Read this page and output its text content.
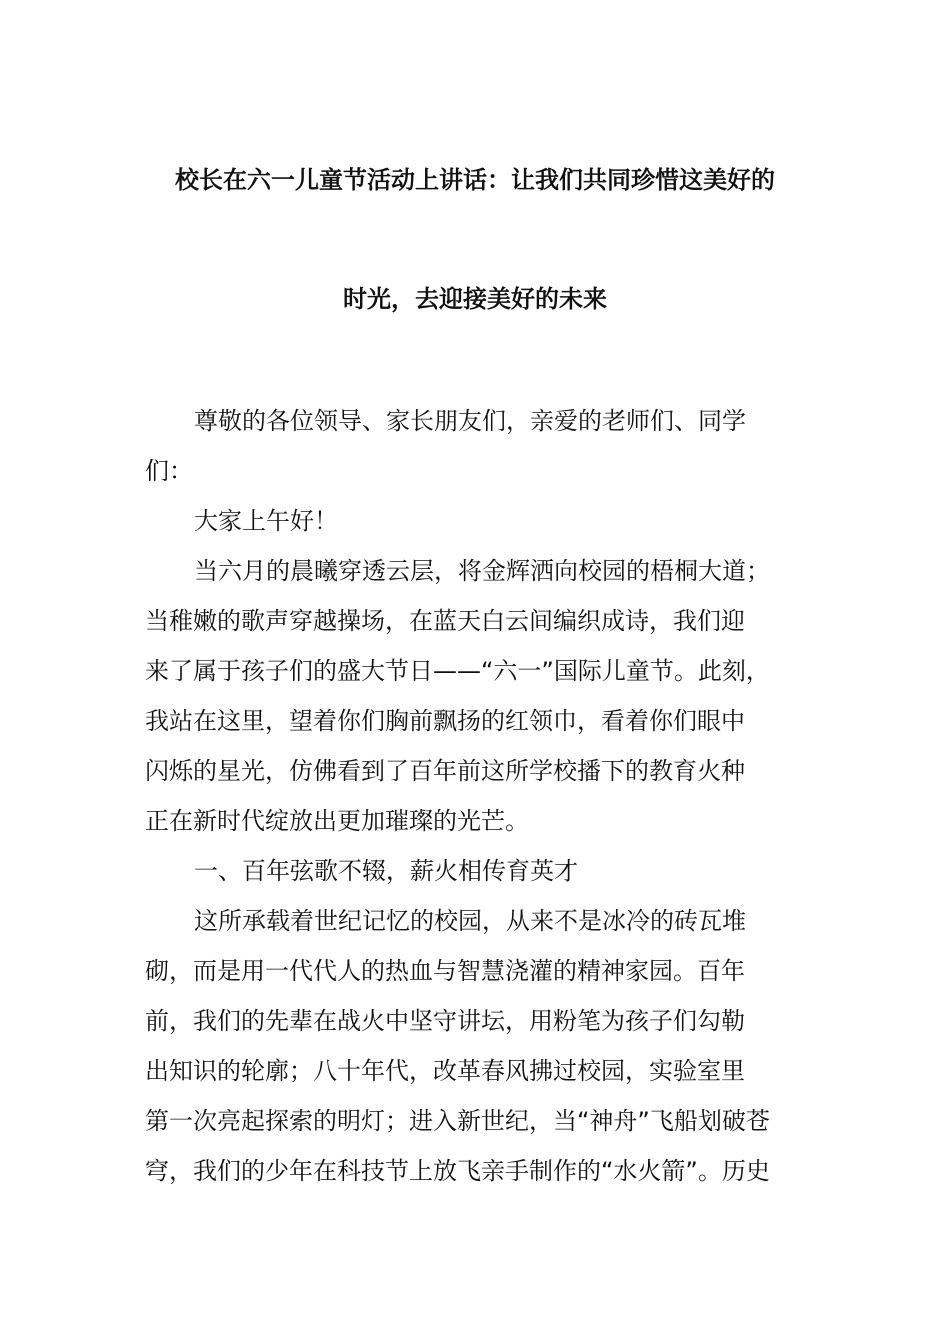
校长在六一儿童节活动上讲话：让我们共同珍惜这美好的
时光，去迎接美好的未来
尊敬的各位领导、家长朋友们，亲爱的老师们、同学
们：
大家上午好！
当六月的晨曦穿透云层，将金辉洒向校园的梧桐大道；
当稚嫩的歌声穿越操场，在蓝天白云间编织成诗，我们迎
来了属于孩子们的盛大节日——“六一”国际儿童节。此刻，
我站在这里，望着你们胸前飘扬的红领巾，看着你们眼中
闪烁的星光，仿佛看到了百年前这所学校播下的教育火种
正在新时代绽放出更加璀璨的光芒。
一、百年弦歌不辍，薪火相传育英才
这所承载着世纪记忆的校园，从来不是冰冷的砖瓦堆
砌，而是用一代代人的热血与智慧浇灌的精神家园。百年
前，我们的先辈在战火中坚守讲坛，用粉笔为孩子们勾勒
出知识的轮廓；八十年代，改革春风拂过校园，实验室里
第一次亮起探索的明灯；进入新世纪，当“神舟”飞船划破苍
穹，我们的少年在科技节上放飞亲手制作的“水火箭”。历史
